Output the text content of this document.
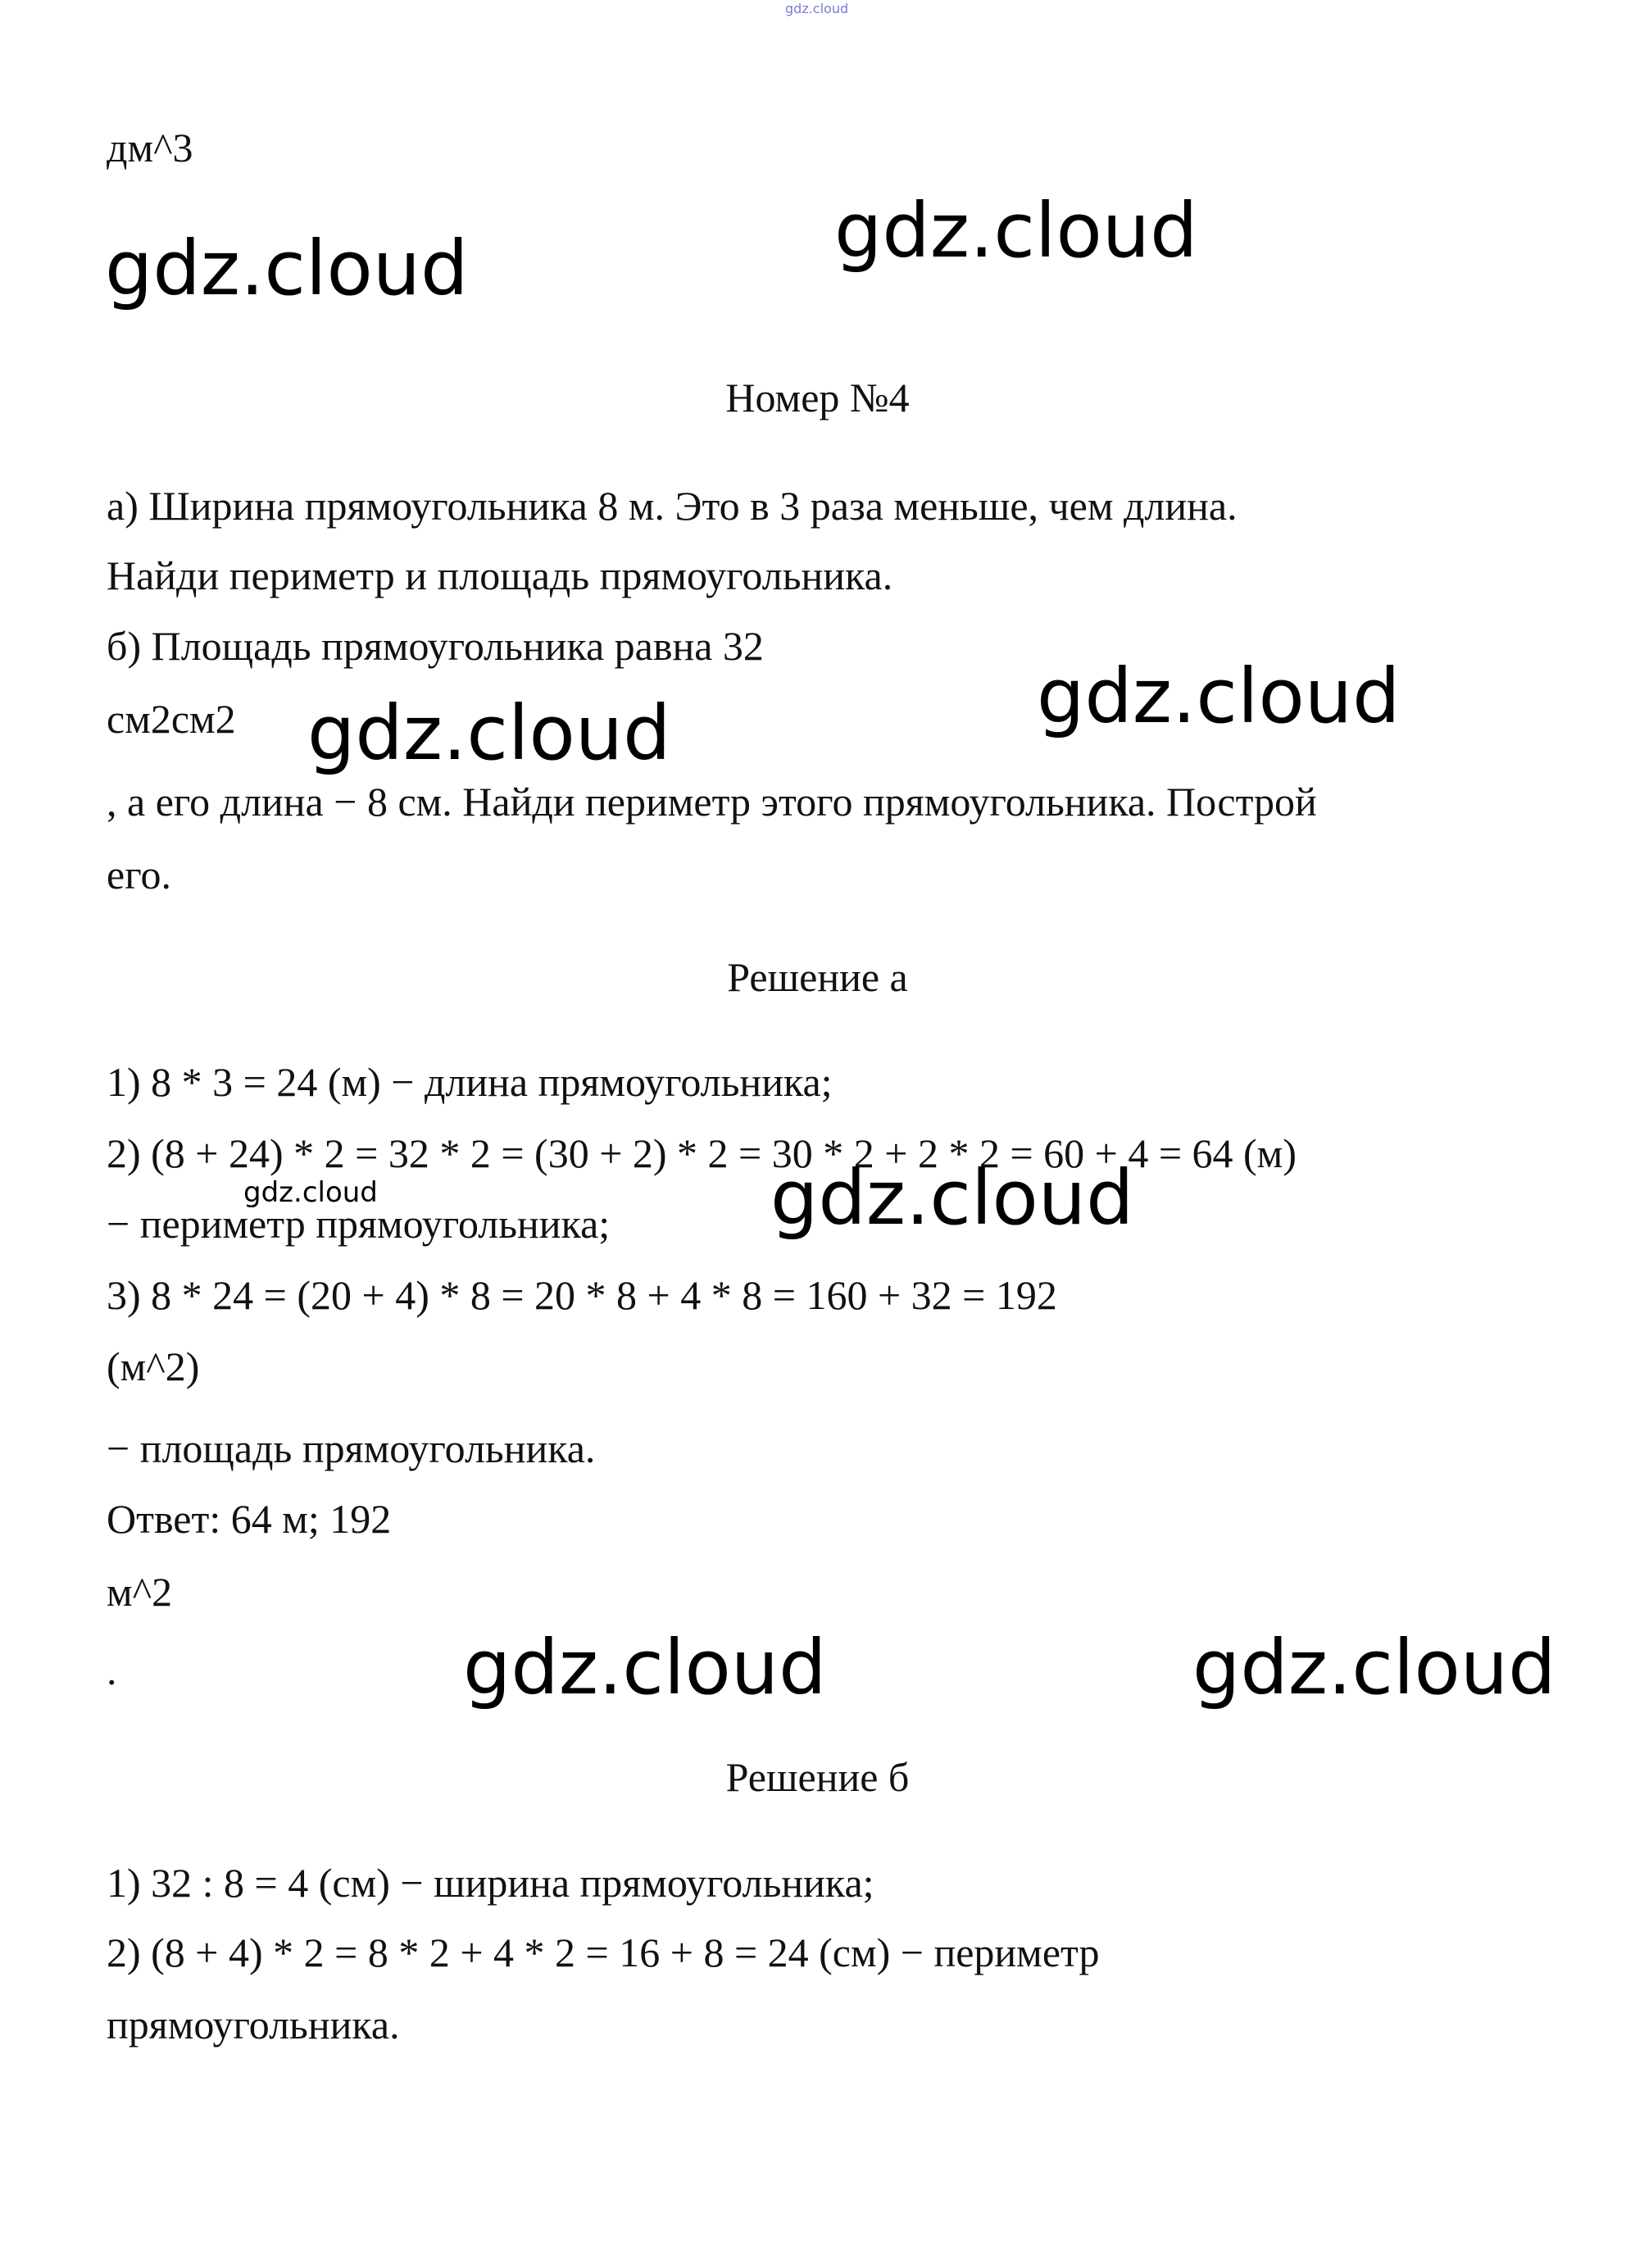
gdz.cloud
дм^3
gdz.cloud	gdz.cloud
Номер №4
а) Ширина прямоугольника 8 м. Это в 3 раза меньше, чем длина.
Найди периметр и площадь прямоугольника.
б) Площадь прямоугольника равна 32
см2см2 gdz.cloud	gdz.cloud
, а его длина − 8 см. Найди периметр этого прямоугольника. Построй
его.
Решение а
1) 8 * 3 = 24 (м) − длина прямоугольника;
2) (8 + 24) * 2 = 32 * 2 = (30 + 2) * 2 = 30 * 2 + 2 * 2 = 60 + 4 = 64 (м)
gdz.cloud	gdz.cloud
− периметр прямоугольника;
3) 8 * 24 = (20 + 4) * 8 = 20 * 8 + 4 * 8 = 160 + 32 = 192
(м^2)
− площадь прямоугольника.
Ответ: 64 м; 192
м^2
.	gdz.cloud	gdz.cloud
Решение б
1) 32 : 8 = 4 (см) − ширина прямоугольника;
2) (8 + 4) * 2 = 8 * 2 + 4 * 2 = 16 + 8 = 24 (см) − периметр
прямоугольника.
